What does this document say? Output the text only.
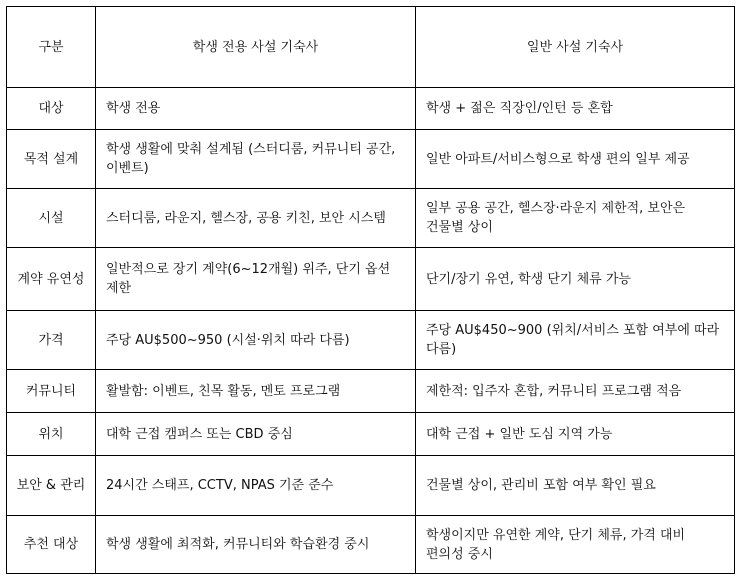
구분	학생 전용 사설 기숙사	일반 사설 기숙사
대상	학생 전용	학생 + 젊은 직장인/인턴 등 혼합
목적 설계	학생 생활에 맞춰 설계됨 (스터디룸, 커뮤니티 공간, 이벤트)	일반 아파트/서비스형으로 학생 편의 일부 제공
시설	스터디룸, 라운지, 헬스장, 공용 키친, 보안 시스템	일부 공용 공간, 헬스장·라운지 제한적, 보안은 건물별 상이
계약 유연성	일반적으로 장기 계약(6~12개월) 위주, 단기 옵션 제한	단기/장기 유연, 학생 단기 체류 가능
가격	주당 AU$500~950 (시설·위치 따라 다름)	주당 AU$450~900 (위치/서비스 포함 여부에 따라 다름)
커뮤니티	활발함: 이벤트, 친목 활동, 멘토 프로그램	제한적: 입주자 혼합, 커뮤니티 프로그램 적음
위치	대학 근접 캠퍼스 또는 CBD 중심	대학 근접 + 일반 도심 지역 가능
보안 & 관리	24시간 스태프, CCTV, NPAS 기준 준수	건물별 상이, 관리비 포함 여부 확인 필요
추천 대상	학생 생활에 최적화, 커뮤니티와 학습환경 중시	학생이지만 유연한 계약, 단기 체류, 가격 대비 편의성 중시
